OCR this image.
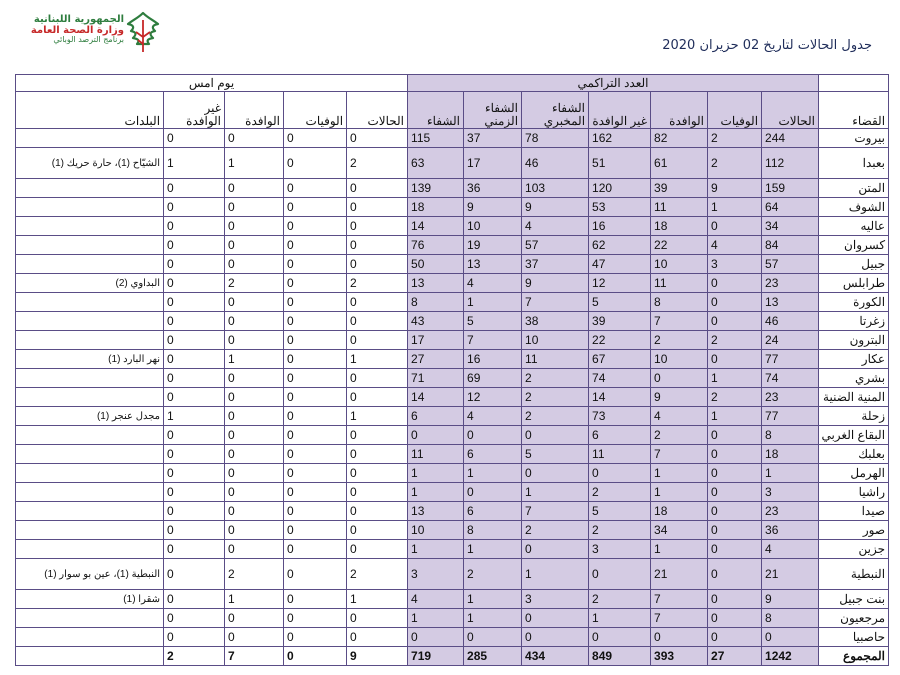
الجمهورية اللبنانية
وزارة الصحة العامة
برنامج الترصد الوبائي	جدول الحالات لتاريخ 02 حزيران 2020
	العدد التراكمي							يوم امس				
القضاء	الحالات	الوفيات	الوافدة	غير الوافدة	الشفاء المخبري	الشفاء الزمني	الشفاء	الحالات	الوفيات	الوافدة	غير الوافدة	البلدات
بيروت	244	2	82	162	78	37	115	0	0	0	0	
بعبدا	112	2	61	51	46	17	63	2	0	1	1	الشيّاح (1)، حارة حريك (1)
المتن	159	9	39	120	103	36	139	0	0	0	0	
الشوف	64	1	11	53	9	9	18	0	0	0	0	
عاليه	34	0	18	16	4	10	14	0	0	0	0	
كسروان	84	4	22	62	57	19	76	0	0	0	0	
جبيل	57	3	10	47	37	13	50	0	0	0	0	
طرابلس	23	0	11	12	9	4	13	2	0	2	0	البداوي (2)
الكورة	13	0	8	5	7	1	8	0	0	0	0	
زغرتا	46	0	7	39	38	5	43	0	0	0	0	
البترون	24	2	2	22	10	7	17	0	0	0	0	
عكار	77	0	10	67	11	16	27	1	0	1	0	نهر البارد (1)
بشري	74	1	0	74	2	69	71	0	0	0	0	
المنية الضنية	23	2	9	14	2	12	14	0	0	0	0	
زحلة	77	1	4	73	2	4	6	1	0	0	1	مجدل عنجر (1)
البقاع الغربي	8	0	2	6	0	0	0	0	0	0	0	
بعلبك	18	0	7	11	5	6	11	0	0	0	0	
الهرمل	1	0	1	0	0	1	1	0	0	0	0	
راشيا	3	0	1	2	1	0	1	0	0	0	0	
صيدا	23	0	18	5	7	6	13	0	0	0	0	
صور	36	0	34	2	2	8	10	0	0	0	0	
جزين	4	0	1	3	0	1	1	0	0	0	0	
النبطية	21	0	21	0	1	2	3	2	0	2	0	النبطية (1)، عين بو سوار (1)
بنت جبيل	9	0	7	2	3	1	4	1	0	1	0	شقرا (1)
مرجعيون	8	0	7	1	0	1	1	0	0	0	0	
حاصبيا	0	0	0	0	0	0	0	0	0	0	0	
المجموع	1242	27	393	849	434	285	719	9	0	7	2	
